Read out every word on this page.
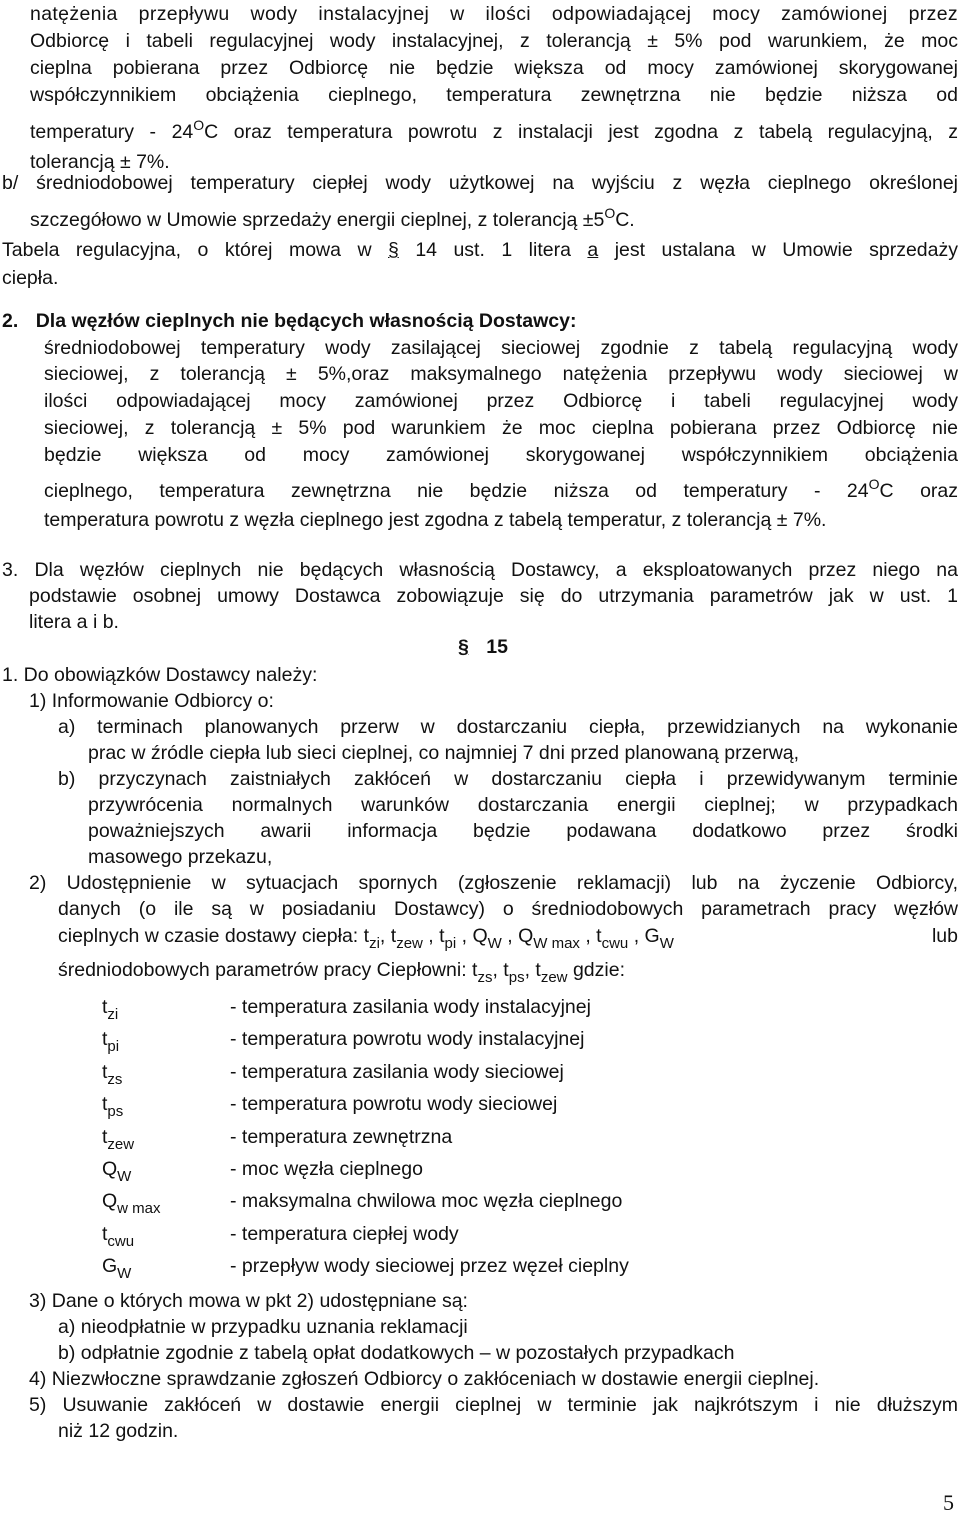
natężenia przepływu wody instalacyjnej w ilości odpowiadającej mocy zamówionej przez

Odbiorcę i tabeli regulacyjnej wody instalacyjnej, z tolerancją ± 5% pod warunkiem, że moc

cieplna pobierana przez Odbiorcę nie będzie większa od mocy zamówionej skorygowanej

współczynnikiem obciążenia cieplnego, temperatura zewnętrzna nie będzie niższa od

temperatury - $24^OC$ oraz temperatura powrotu z instalacji jest zgodna z tabelą regulacyjną, z

tolerancją ± 7%.

b/ średniodobowej temperatury ciepłej wody użytkowej na wyjściu z węzła cieplnego określonej

szczegółowo w Umowie sprzedaży energii cieplnej, z tolerancją $\pm 5^OC$.

Tabela regulacyjna, o której mowa w § 14 ust. 1 litera a jest ustalana w Umowie sprzedaży

ciepła.

2. Dla węzłów cieplnych nie będących własnością Dostawcy:

średniodobowej temperatury wody zasilającej sieciowej zgodnie z tabelą regulacyjną wody

sieciowej, z tolerancją ± 5%,oraz maksymalnego natężenia przepływu wody sieciowej w

ilości odpowiadającej mocy zamówionej przez Odbiorcę i tabeli regulacyjnej wody

sieciowej, z tolerancją ± 5% pod warunkiem że moc cieplna pobierana przez Odbiorcę nie

będzie większa od mocy zamówionej skorygowanej współczynnikiem obciążenia

cieplnego, temperatura zewnętrzna nie będzie niższa od temperatury - $24^OC$ oraz

temperatura powrotu z węzła cieplnego jest zgodna z tabelą temperatur, z tolerancją ± 7%.

3. Dla węzłów cieplnych nie będących własnością Dostawcy, a eksploatowanych przez niego na

podstawie osobnej umowy Dostawca zobowiązuje się do utrzymania parametrów jak w ust. 1

litera a i b.

§ 15

1. Do obowiązków Dostawcy należy:

1) Informowanie Odbiorcy o:

a) terminach planowanych przerw w dostarczaniu ciepła, przewidzianych na wykonanie

prac w źródle ciepła lub sieci cieplnej, co najmniej 7 dni przed planowaną przerwą,

b) przyczynach zaistniałych zakłóceń w dostarczaniu ciepła i przewidywanym terminie

przywrócenia normalnych warunków dostarczania energii cieplnej; w przypadkach

poważniejszych awarii informacja będzie podawana dodatkowo przez środki

masowego przekazu,

2) Udostępnienie w sytuacjach spornych (zgłoszenie reklamacji) lub na życzenie Odbiorcy,

danych (o ile są w posiadaniu Dostawcy) o średniodobowych parametrach pracy węzłów

cieplnych w czasie dostawy ciepła: $t_{zi}$, $t_{zew}$ , $t_{pi}$ , $Q_W$ , $Q_{W max}$ , $t_{cwu}$ , $G_W$	lub

średniodobowych parametrów pracy Ciepłowni: $t_{zs}$, $t_{ps}$, $t_{zew}$ gdzie:

$t_{zi}$	- temperatura zasilania wody instalacyjnej
$t_{pi}$	- temperatura powrotu wody instalacyjnej
$t_{zs}$	- temperatura zasilania wody sieciowej
$t_{ps}$	- temperatura powrotu wody sieciowej
$t_{zew}$	- temperatura zewnętrzna
$Q_W$	- moc węzła cieplnego
$Q_{w max}$	- maksymalna chwilowa moc węzła cieplnego
$t_{cwu}$	- temperatura ciepłej wody
$G_W$	- przepływ wody sieciowej przez węzeł cieplny

3) Dane o których mowa w pkt 2) udostępniane są:

a) nieodpłatnie w przypadku uznania reklamacji

b) odpłatnie zgodnie z tabelą opłat dodatkowych – w pozostałych przypadkach

4) Niezwłoczne sprawdzanie zgłoszeń Odbiorcy o zakłóceniach w dostawie energii cieplnej.

5) Usuwanie zakłóceń w dostawie energii cieplnej w terminie jak najkrótszym i nie dłuższym

niż 12 godzin.

5
